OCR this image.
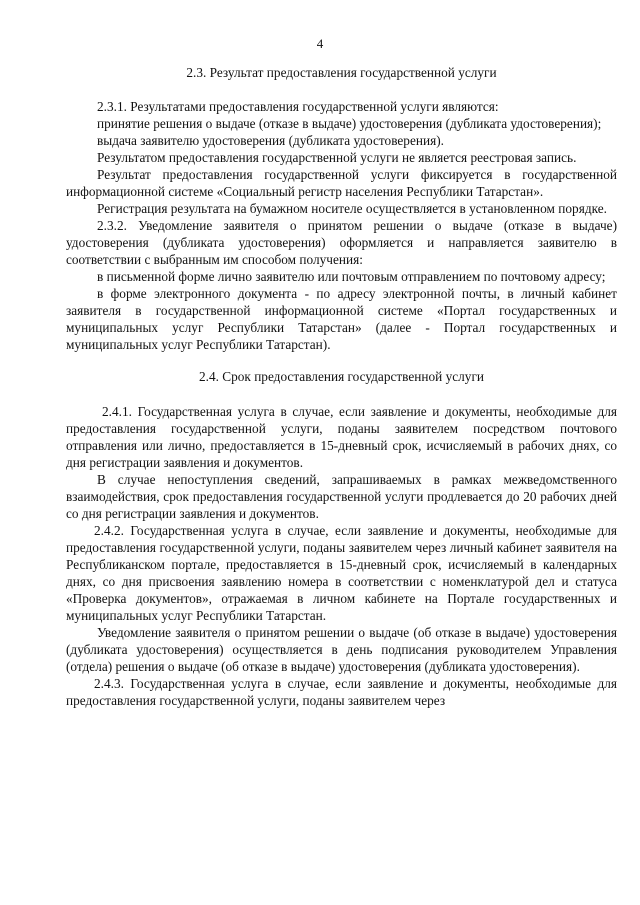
4
2.3. Результат предоставления государственной услуги

2.3.1. Результатами предоставления государственной услуги являются:

принятие решения о выдаче (отказе в выдаче) удостоверения (дубликата удостоверения);

выдача заявителю удостоверения (дубликата удостоверения).

Результатом предоставления государственной услуги не является реестровая запись.

Результат предоставления государственной услуги фиксируется в государственной информационной системе «Социальный регистр населения Республики Татарстан».

Регистрация результата на бумажном носителе осуществляется в установленном порядке.

2.3.2. Уведомление заявителя о принятом решении о выдаче (отказе в выдаче) удостоверения (дубликата удостоверения) оформляется и направляется заявителю в соответствии с выбранным им способом получения:

в письменной форме лично заявителю или почтовым отправлением по почтовому адресу;

в форме электронного документа - по адресу электронной почты, в личный кабинет заявителя в государственной информационной системе «Портал государственных и муниципальных услуг Республики Татарстан» (далее - Портал государственных и муниципальных услуг Республики Татарстан).

2.4. Срок предоставления государственной услуги

2.4.1. Государственная услуга в случае, если заявление и документы, необходимые для предоставления государственной услуги, поданы заявителем посредством почтового отправления или лично, предоставляется в 15-дневный срок, исчисляемый в рабочих днях, со дня регистрации заявления и документов.

В случае непоступления сведений, запрашиваемых в рамках межведомственного взаимодействия, срок предоставления государственной услуги продлевается до 20 рабочих дней со дня регистрации заявления и документов.

2.4.2. Государственная услуга в случае, если заявление и документы, необходимые для предоставления государственной услуги, поданы заявителем через личный кабинет заявителя на Республиканском портале, предоставляется в 15-дневный срок, исчисляемый в календарных днях, со дня присвоения заявлению номера в соответствии с номенклатурой дел и статуса «Проверка документов», отражаемая в личном кабинете на Портале государственных и муниципальных услуг Республики Татарстан.

Уведомление заявителя о принятом решении о выдаче (об отказе в выдаче) удостоверения (дубликата удостоверения) осуществляется в день подписания руководителем Управления (отдела) решения о выдаче (об отказе в выдаче) удостоверения (дубликата удостоверения).

2.4.3. Государственная услуга в случае, если заявление и документы, необходимые для предоставления государственной услуги, поданы заявителем через
